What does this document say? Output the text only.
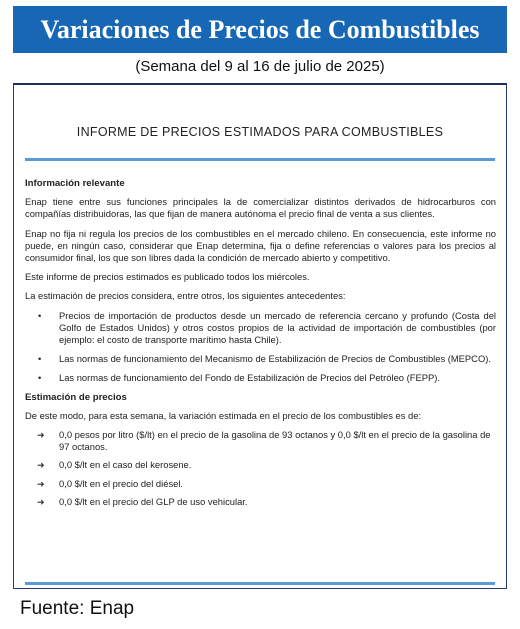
Variaciones de Precios de Combustibles
(Semana del 9 al 16 de julio de 2025)
INFORME DE PRECIOS ESTIMADOS PARA COMBUSTIBLES
Información relevante

Enap tiene entre sus funciones principales la de comercializar distintos derivados de hidrocarburos con compañías distribuidoras, las que fijan de manera autónoma el precio final de venta a sus clientes.

Enap no fija ni regula los precios de los combustibles en el mercado chileno. En consecuencia, este informe no puede, en ningún caso, considerar que Enap determina, fija o define referencias o valores para los precios al consumidor final, los que son libres dada la condición de mercado abierto y competitivo.

Este informe de precios estimados es publicado todos los miércoles.

La estimación de precios considera, entre otros, los siguientes antecedentes:

• Precios de importación de productos desde un mercado de referencia cercano y profundo (Costa del Golfo de Estados Unidos) y otros costos propios de la actividad de importación de combustibles (por ejemplo: el costo de transporte marítimo hasta Chile).
• Las normas de funcionamiento del Mecanismo de Estabilización de Precios de Combustibles (MEPCO).
• Las normas de funcionamiento del Fondo de Estabilización de Precios del Petróleo (FEPP).
Estimación de precios

De este modo, para esta semana, la variación estimada en el precio de los combustibles es de:

➜ 0,0 pesos por litro ($/lt) en el precio de la gasolina de 93 octanos y 0,0 $/lt en el precio de la gasolina de 97 octanos.
➜ 0,0 $/lt en el caso del kerosene.
➜ 0,0 $/lt en el precio del diésel.
➜ 0,0 $/lt en el precio del GLP de uso vehicular.
Fuente: Enap
